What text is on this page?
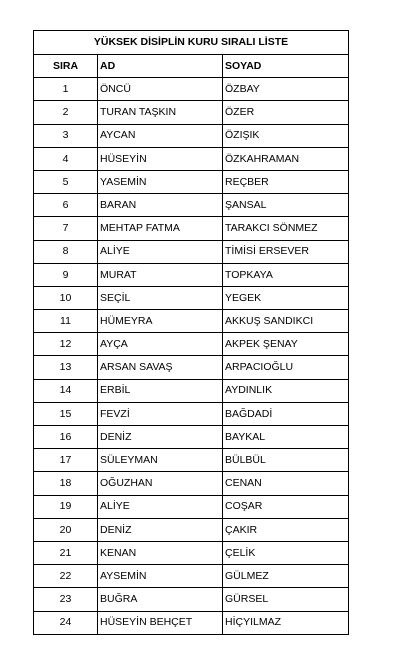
YÜKSEK DİSİPLİN KURU SIRALI LİSTE		
SIRA	AD	SOYAD
1	ÖNCÜ	ÖZBAY
2	TURAN TAŞKIN	ÖZER
3	AYCAN	ÖZIŞIK
4	HÜSEYİN	ÖZKAHRAMAN
5	YASEMİN	REÇBER
6	BARAN	ŞANSAL
7	MEHTAP FATMA	TARAKCI SÖNMEZ
8	ALİYE	TİMİSİ ERSEVER
9	MURAT	TOPKAYA
10	SEÇİL	YEGEK
11	HÜMEYRA	AKKUŞ SANDIKCI
12	AYÇA	AKPEK ŞENAY
13	ARSAN SAVAŞ	ARPACIOĞLU
14	ERBİL	AYDINLIK
15	FEVZİ	BAĞDADİ
16	DENİZ	BAYKAL
17	SÜLEYMAN	BÜLBÜL
18	OĞUZHAN	CENAN
19	ALİYE	COŞAR
20	DENİZ	ÇAKIR
21	KENAN	ÇELİK
22	AYSEMİN	GÜLMEZ
23	BUĞRA	GÜRSEL
24	HÜSEYİN BEHÇET	HİÇYILMAZ
